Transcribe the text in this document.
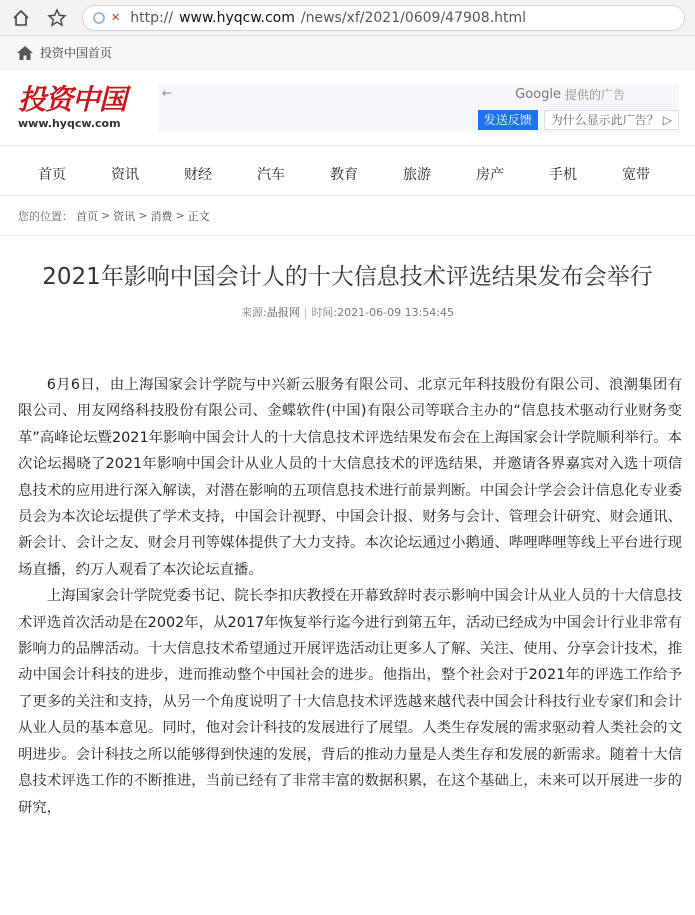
✕ http:// www.hyqcw.com /news/xf/2021/0609/47908.html
投资中国首页
投资中国
www.hyqcw.com
←	Google 提供的广告
发送反馈	为什么显示此广告？ ▷
首页	资讯	财经	汽车	教育	旅游	房产	手机	宽带
您的位置： 首页 > 资讯 > 消费 > 正文
2021年影响中国会计人的十大信息技术评选结果发布会举行
来源:晶报网 | 时间:2021-06-09 13:54:45

6月6日，由上海国家会计学院与中兴新云服务有限公司、北京元年科技股份有限公司、浪潮集团有限公司、用友网络科技股份有限公司、金蝶软件(中国)有限公司等联合主办的“信息技术驱动行业财务变革”高峰论坛暨2021年影响中国会计人的十大信息技术评选结果发布会在上海国家会计学院顺利举行。本次论坛揭晓了2021年影响中国会计从业人员的十大信息技术的评选结果，并邀请各界嘉宾对入选十项信息技术的应用进行深入解读，对潜在影响的五项信息技术进行前景判断。中国会计学会会计信息化专业委员会为本次论坛提供了学术支持，中国会计视野、中国会计报、财务与会计、管理会计研究、财会通讯、新会计、会计之友、财会月刊等媒体提供了大力支持。本次论坛通过小鹅通、哔哩哔哩等线上平台进行现场直播，约万人观看了本次论坛直播。

上海国家会计学院党委书记、院长李扣庆教授在开幕致辞时表示影响中国会计从业人员的十大信息技术评选首次活动是在2002年，从2017年恢复举行迄今进行到第五年，活动已经成为中国会计行业非常有影响力的品牌活动。十大信息技术希望通过开展评选活动让更多人了解、关注、使用、分享会计技术，推动中国会计科技的进步，进而推动整个中国社会的进步。他指出，整个社会对于2021年的评选工作给予了更多的关注和支持，从另一个角度说明了十大信息技术评选越来越代表中国会计科技行业专家们和会计从业人员的基本意见。同时，他对会计科技的发展进行了展望。人类生存发展的需求驱动着人类社会的文明进步。会计科技之所以能够得到快速的发展，背后的推动力量是人类生存和发展的新需求。随着十大信息技术评选工作的不断推进，当前已经有了非常丰富的数据积累，在这个基础上，未来可以开展进一步的研究，
